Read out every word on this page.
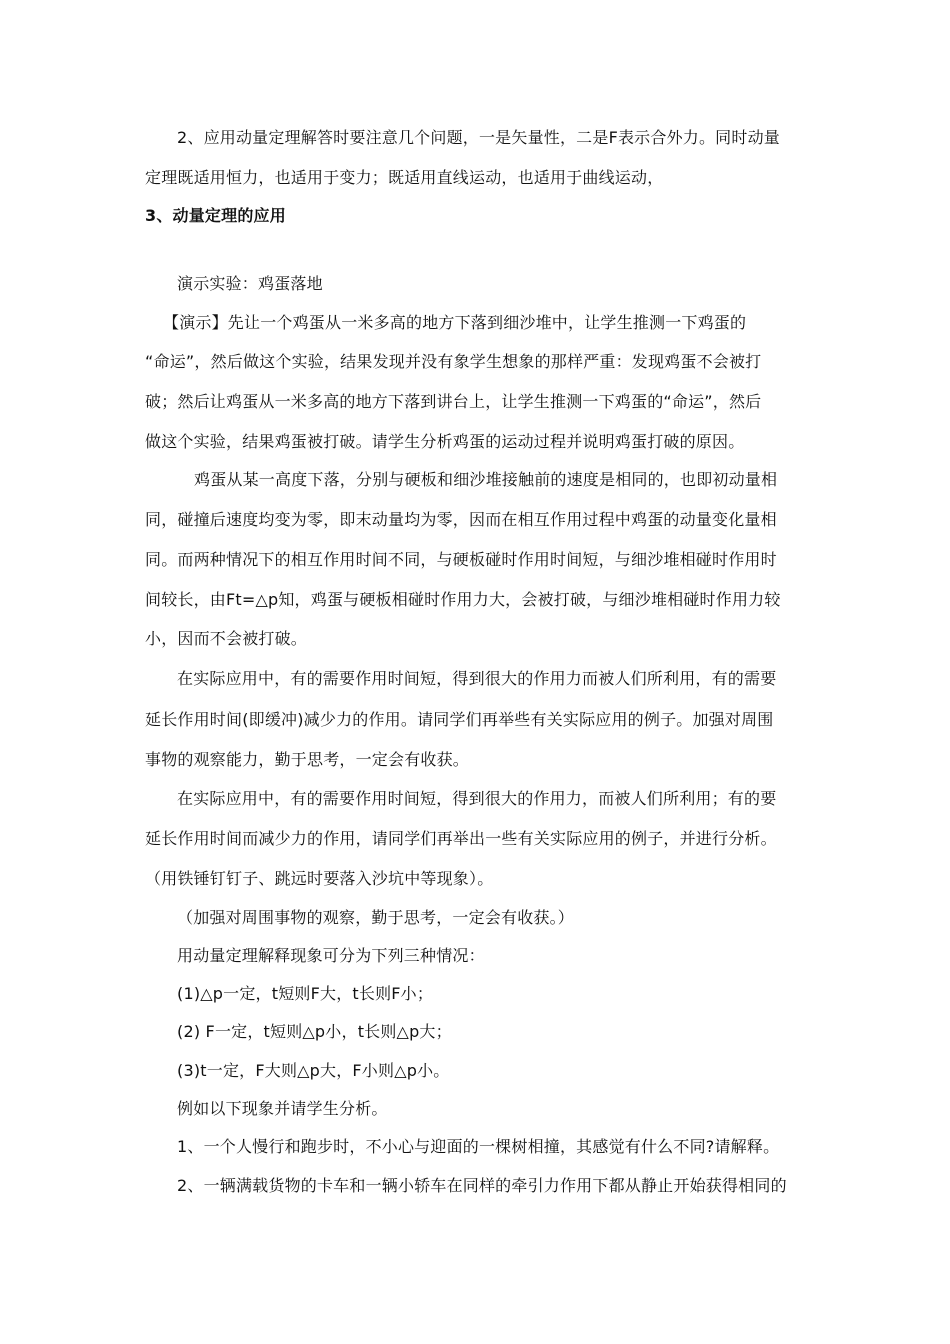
2、应用动量定理解答时要注意几个问题，一是矢量性，二是F表示合外力。同时动量
定理既适用恒力，也适用于变力；既适用直线运动，也适用于曲线运动，
3、动量定理的应用
演示实验：鸡蛋落地
【演示】先让一个鸡蛋从一米多高的地方下落到细沙堆中，让学生推测一下鸡蛋的
“命运”，然后做这个实验，结果发现并没有象学生想象的那样严重：发现鸡蛋不会被打
破；然后让鸡蛋从一米多高的地方下落到讲台上，让学生推测一下鸡蛋的“命运”，然后
做这个实验，结果鸡蛋被打破。请学生分析鸡蛋的运动过程并说明鸡蛋打破的原因。
鸡蛋从某一高度下落，分别与硬板和细沙堆接触前的速度是相同的，也即初动量相
同，碰撞后速度均变为零，即末动量均为零，因而在相互作用过程中鸡蛋的动量变化量相
同。而两种情况下的相互作用时间不同，与硬板碰时作用时间短，与细沙堆相碰时作用时
间较长，由Ft=△p知，鸡蛋与硬板相碰时作用力大，会被打破，与细沙堆相碰时作用力较
小，因而不会被打破。
在实际应用中，有的需要作用时间短，得到很大的作用力而被人们所利用，有的需要
延长作用时间(即缓冲)减少力的作用。请同学们再举些有关实际应用的例子。加强对周围
事物的观察能力，勤于思考，一定会有收获。
在实际应用中，有的需要作用时间短，得到很大的作用力，而被人们所利用；有的要
延长作用时间而减少力的作用，请同学们再举出一些有关实际应用的例子，并进行分析。
（用铁锤钉钉子、跳远时要落入沙坑中等现象）。
（加强对周围事物的观察，勤于思考，一定会有收获。）
用动量定理解释现象可分为下列三种情况：
(1)△p一定，t短则F大，t长则F小；
(2) F一定，t短则△p小，t长则△p大；
(3)t一定，F大则△p大，F小则△p小。
例如以下现象并请学生分析。
1、一个人慢行和跑步时，不小心与迎面的一棵树相撞，其感觉有什么不同?请解释。
2、一辆满载货物的卡车和一辆小轿车在同样的牵引力作用下都从静止开始获得相同的
